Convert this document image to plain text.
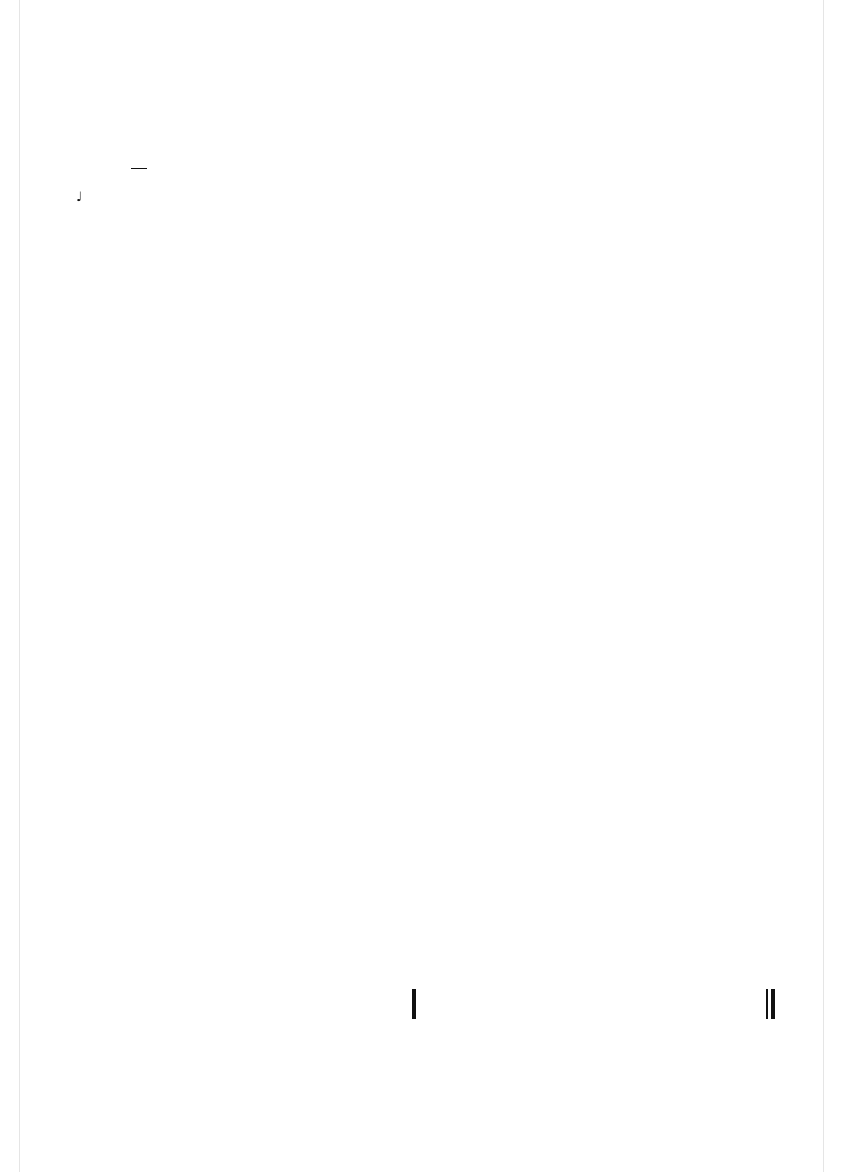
♩
